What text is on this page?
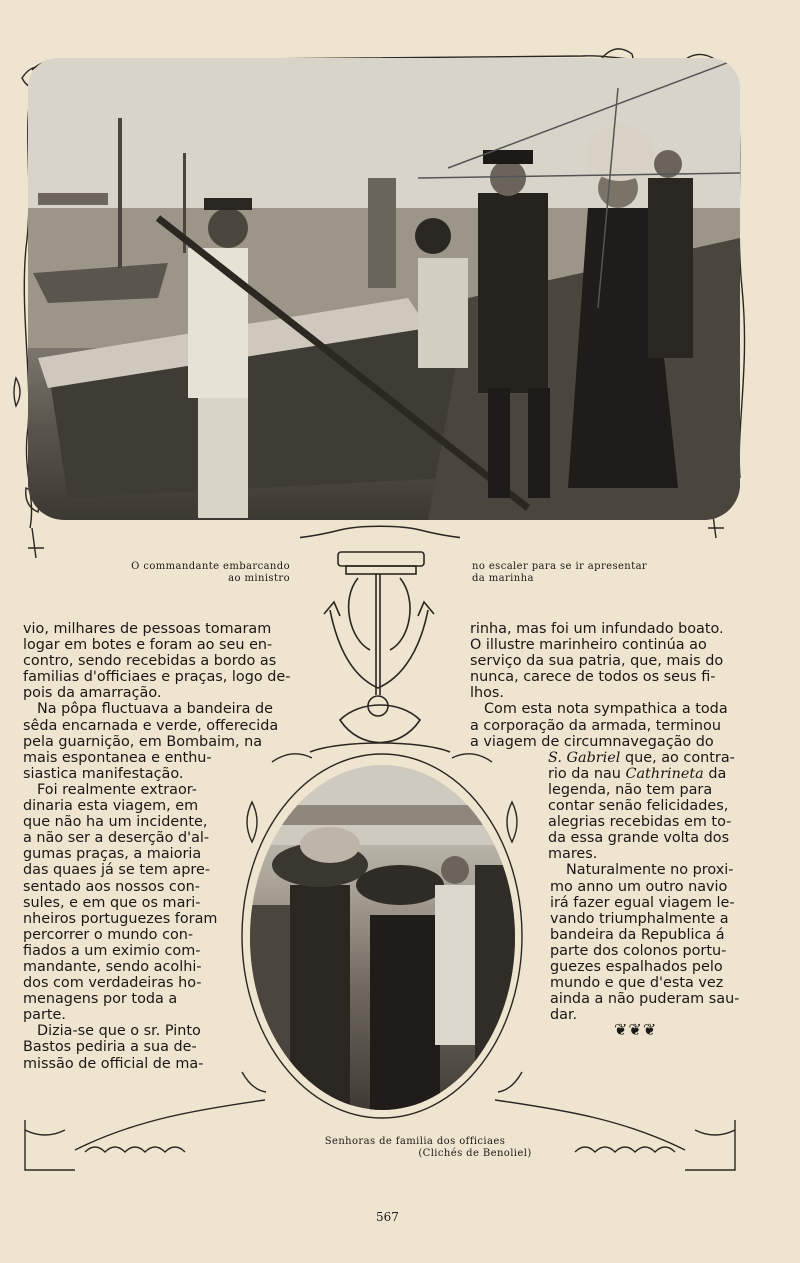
O commandante embarcando
ao ministro
no escaler para se ir apresentar
da marinha
vio, milhares de pessoas tomaram
logar em botes e foram ao seu en-
contro, sendo recebidas a bordo as
familias d'officiaes e praças, logo de-
pois da amarração.
Na pôpa fluctuava a bandeira de
sêda encarnada e verde, offerecida
pela guarnição, em Bombaim, na
mais espontanea e enthu-
siastica manifestação.
Foi realmente extraor-
dinaria esta viagem, em
que não ha um incidente,
a não ser a deserção d'al-
gumas praças, a maioria
das quaes já se tem apre-
sentado aos nossos con-
sules, e em que os mari-
nheiros portuguezes foram
percorrer o mundo con-
fiados a um eximio com-
mandante, sendo acolhi-
dos com verdadeiras ho-
menagens por toda a
parte.
Dizia-se que o sr. Pinto
Bastos pediria a sua de-
missão de official de ma-
rinha, mas foi um infundado boato.
O illustre marinheiro continúa ao
serviço da sua patria, que, mais do
nunca, carece de todos os seus fi-
lhos.
Com esta nota sympathica a toda
a corporação da armada, terminou
a viagem de circumnavegação do
S. Gabriel que, ao contra-
rio da nau Cathrineta da
legenda, não tem para
contar senão felicidades,
alegrias recebidas em to-
da essa grande volta dos
mares.
Naturalmente no proxi-
mo anno um outro navio
irá fazer egual viagem le-
vando triumphalmente a
bandeira da Republica á
parte dos colonos portu-
guezes espalhados pelo
mundo e que d'esta vez
ainda a não puderam sau-
dar.
❦❦❦
Senhoras de familia dos officiaes
(Clichés de Benoliel)
567
